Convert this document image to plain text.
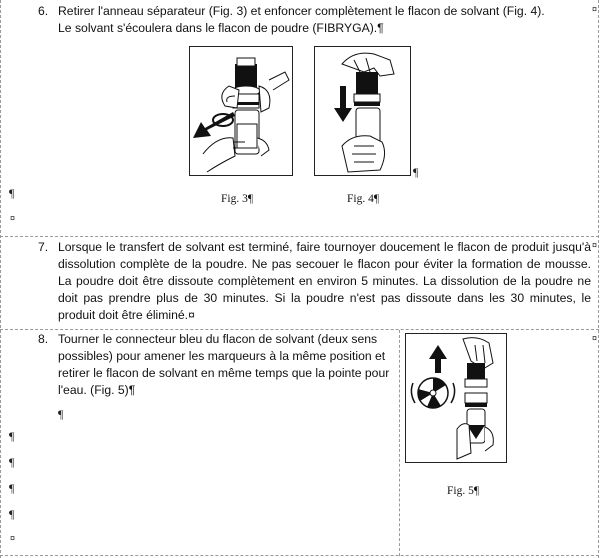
¤
¤
¤
6. Retirer l'anneau séparateur (Fig. 3) et enfoncer complètement le flacon de solvant (Fig. 4).
Le solvant s'écoulera dans le flacon de poudre (FIBRYGA).¶
¶
Fig. 3¶	Fig. 4¶
¶
¤
7. Lorsque le transfert de solvant est terminé, faire tournoyer doucement le flacon de produit jusqu'à dissolution complète de la poudre. Ne pas secouer le flacon pour éviter la formation de mousse. La poudre doit être dissoute complètement en environ 5 minutes. La dissolution de la poudre ne doit pas prendre plus de 30 minutes. Si la poudre n'est pas dissoute dans les 30 minutes, le produit doit être éliminé.¤
8. Tourner le connecteur bleu du flacon de solvant (deux sens possibles) pour amener les marqueurs à la même position et retirer le flacon de solvant en même temps que la pointe pour l'eau. (Fig. 5)¶
¶
¶
¶
¶
¶
¤
Fig. 5¶
